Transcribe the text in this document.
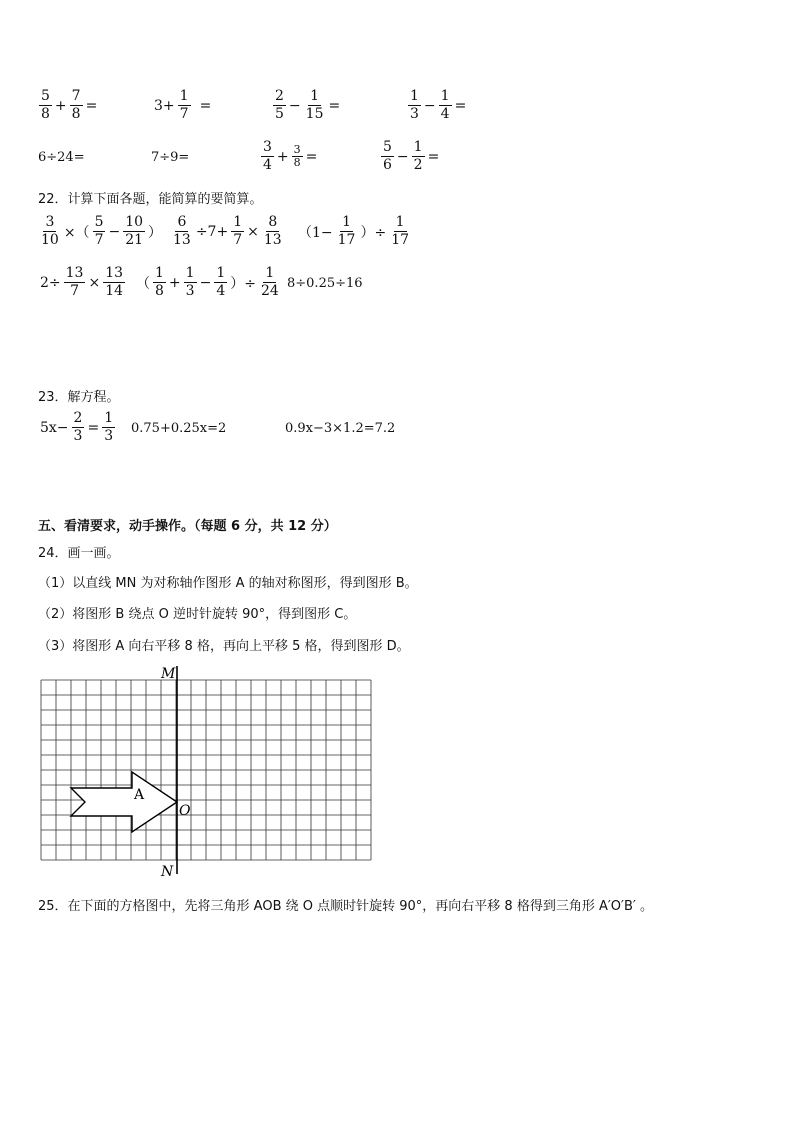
$\frac{5}{8} + \frac{7}{8}$ =	$3+ \frac{1}{7}$ =	$\frac{2}{5} - \frac{1}{15}$ =	$\frac{1}{3} - \frac{1}{4}$ =
6÷24=	7÷9=	$\frac{3}{4} + \frac{3}{8}$ =	$\frac{5}{6} - \frac{1}{2}$ =
22．计算下面各题，能简算的要简算。
$\frac{3}{10}$ ×（ $\frac{5}{7} - \frac{10}{21}$ ） $\frac{6}{13} \div 7+ \frac{1}{7} \times \frac{8}{13} (1- \frac{1}{17}$ ）÷ $\frac{1}{17}$
$2\div \frac{13}{7} \times \frac{13}{14}$ （ $\frac{1}{8} + \frac{1}{3} - \frac{1}{4}$ ）÷ $\frac{1}{24} 8\div 0.25\div 16$
23．解方程。
$5x- \frac{2}{3} = \frac{1}{3} 0.75+0.25x=2$	0.9x−3×1.2=7.2
五、看清要求，动手操作。（每题 6 分，共 12 分）
24．画一画。
（1）以直线 MN 为对称轴作图形 A 的轴对称图形，得到图形 B。
（2）将图形 B 绕点 O 逆时针旋转 90°，得到图形 C。
（3）将图形 A 向右平移 8 格，再向上平移 5 格，得到图形 D。
M
N
O
A
25．在下面的方格图中，先将三角形 AOB 绕 O 点顺时针旋转 90°，再向右平移 8 格得到三角形 A′O′B′ 。
